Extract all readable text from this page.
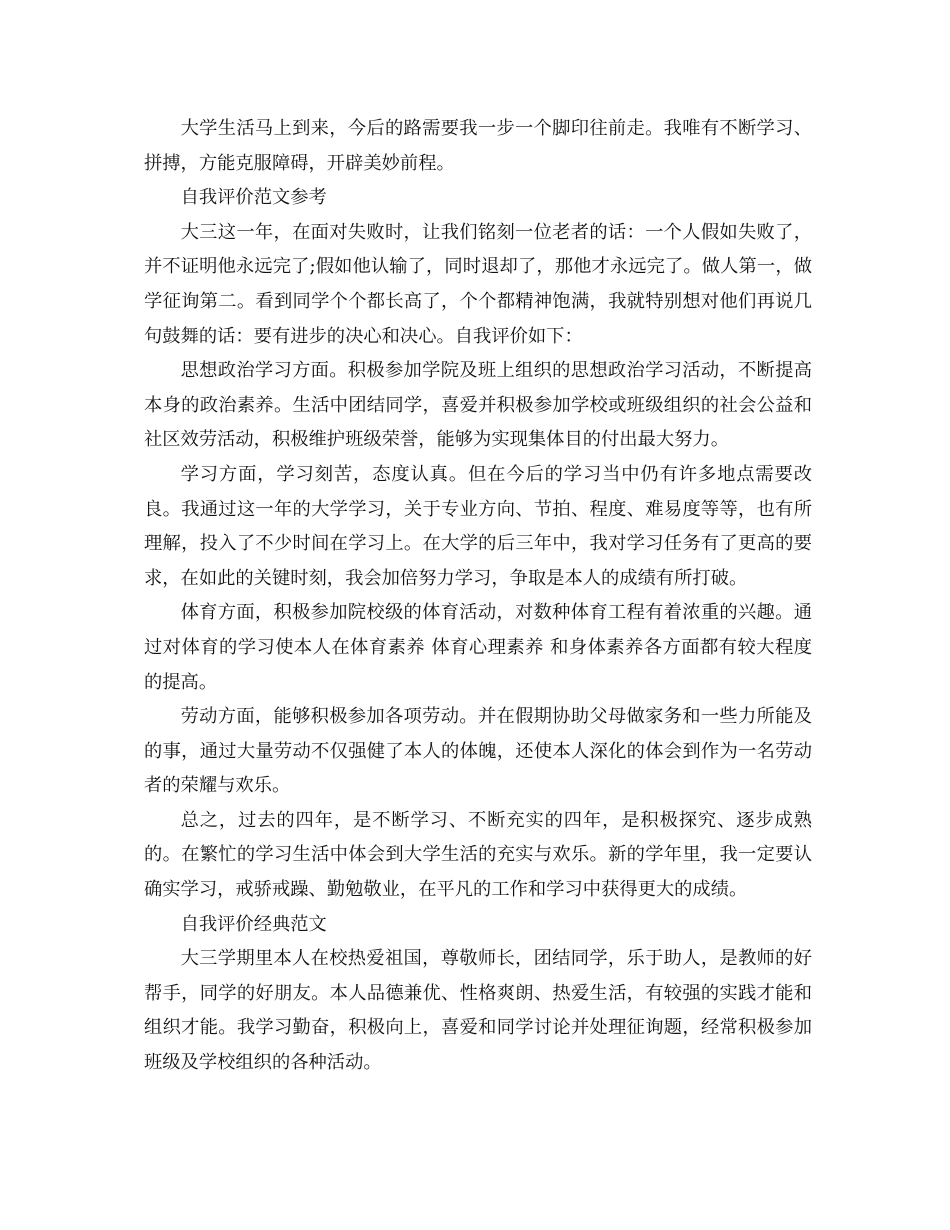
大学生活马上到来，今后的路需要我一步一个脚印往前走。我唯有不断学习、拼搏，方能克服障碍，开辟美妙前程。

自我评价范文参考

大三这一年，在面对失败时，让我们铭刻一位老者的话：一个人假如失败了，并不证明他永远完了;假如他认输了，同时退却了，那他才永远完了。做人第一，做学征询第二。看到同学个个都长高了，个个都精神饱满，我就特别想对他们再说几句鼓舞的话：要有进步的决心和决心。自我评价如下：

思想政治学习方面。积极参加学院及班上组织的思想政治学习活动，不断提高本身的政治素养。生活中团结同学，喜爱并积极参加学校或班级组织的社会公益和社区效劳活动，积极维护班级荣誉，能够为实现集体目的付出最大努力。

学习方面，学习刻苦，态度认真。但在今后的学习当中仍有许多地点需要改良。我通过这一年的大学学习，关于专业方向、节拍、程度、难易度等等，也有所理解，投入了不少时间在学习上。在大学的后三年中，我对学习任务有了更高的要求，在如此的关键时刻，我会加倍努力学习，争取是本人的成绩有所打破。

体育方面，积极参加院校级的体育活动，对数种体育工程有着浓重的兴趣。通过对体育的学习使本人在体育素养 体育心理素养 和身体素养各方面都有较大程度的提高。

劳动方面，能够积极参加各项劳动。并在假期协助父母做家务和一些力所能及的事，通过大量劳动不仅强健了本人的体魄，还使本人深化的体会到作为一名劳动者的荣耀与欢乐。

总之，过去的四年，是不断学习、不断充实的四年，是积极探究、逐步成熟的。在繁忙的学习生活中体会到大学生活的充实与欢乐。新的学年里，我一定要认确实学习，戒骄戒躁、勤勉敬业，在平凡的工作和学习中获得更大的成绩。

自我评价经典范文

大三学期里本人在校热爱祖国，尊敬师长，团结同学，乐于助人，是教师的好帮手，同学的好朋友。本人品德兼优、性格爽朗、热爱生活，有较强的实践才能和组织才能。我学习勤奋，积极向上，喜爱和同学讨论并处理征询题，经常积极参加班级及学校组织的各种活动。
